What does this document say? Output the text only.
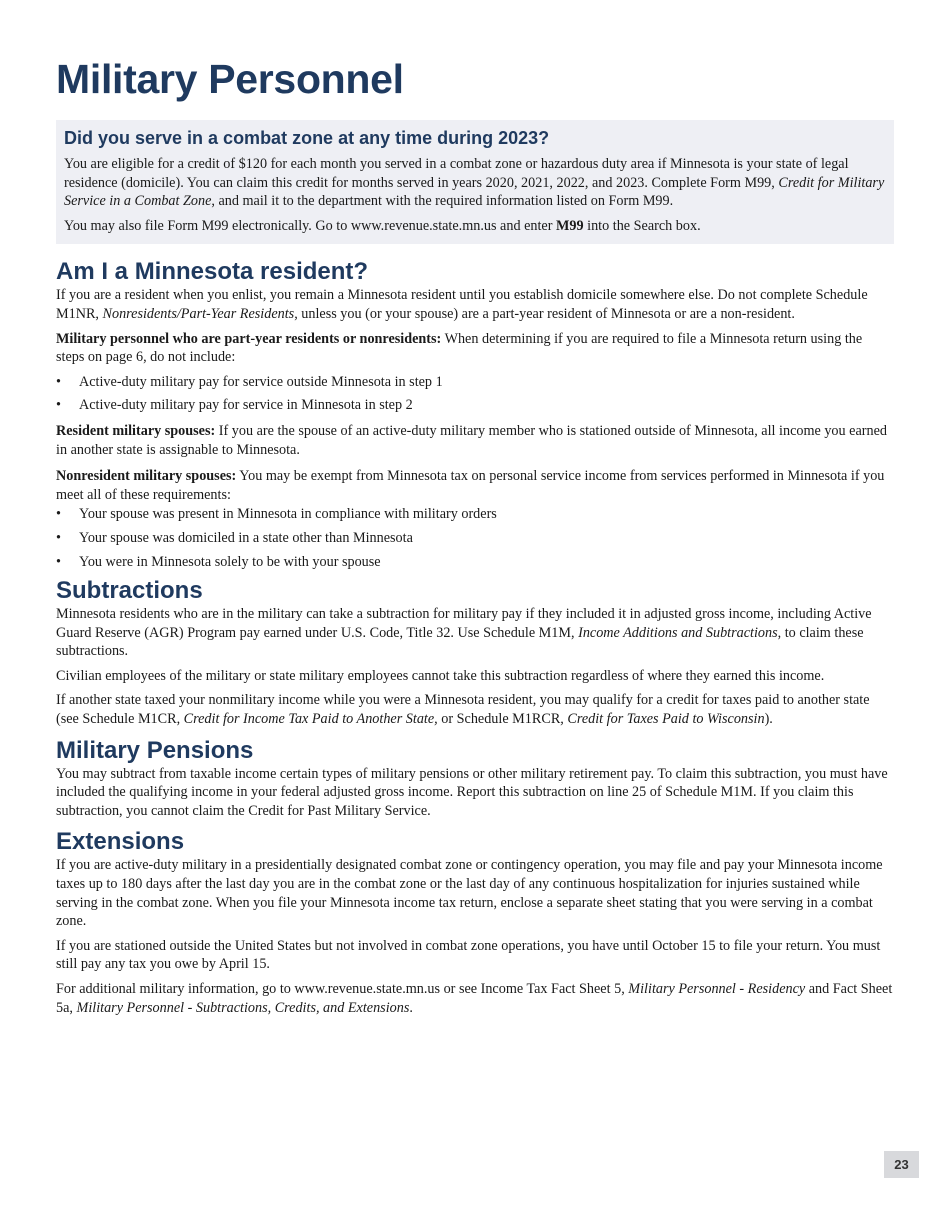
Military Personnel
Did you serve in a combat zone at any time during 2023?

You are eligible for a credit of $120 for each month you served in a combat zone or hazardous duty area if Minnesota is your state of legal residence (domicile). You can claim this credit for months served in years 2020, 2021, 2022, and 2023. Complete Form M99, Credit for Military Service in a Combat Zone, and mail it to the department with the required information listed on Form M99.

You may also file Form M99 electronically. Go to www.revenue.state.mn.us and enter M99 into the Search box.

Am I a Minnesota resident?

If you are a resident when you enlist, you remain a Minnesota resident until you establish domicile somewhere else. Do not complete Schedule M1NR, Nonresidents/Part-Year Residents, unless you (or your spouse) are a part-year resident of Minnesota or are a non-resident.

Military personnel who are part-year residents or nonresidents: When determining if you are required to file a Minnesota return using the steps on page 6, do not include:

• Active-duty military pay for service outside Minnesota in step 1
• Active-duty military pay for service in Minnesota in step 2

Resident military spouses: If you are the spouse of an active-duty military member who is stationed outside of Minnesota, all income you earned in another state is assignable to Minnesota.

Nonresident military spouses: You may be exempt from Minnesota tax on personal service income from services performed in Minnesota if you meet all of these requirements:

• Your spouse was present in Minnesota in compliance with military orders
• Your spouse was domiciled in a state other than Minnesota
• You were in Minnesota solely to be with your spouse
Subtractions

Minnesota residents who are in the military can take a subtraction for military pay if they included it in adjusted gross income, including Active Guard Reserve (AGR) Program pay earned under U.S. Code, Title 32. Use Schedule M1M, Income Additions and Subtractions, to claim these subtractions.

Civilian employees of the military or state military employees cannot take this subtraction regardless of where they earned this income.

If another state taxed your nonmilitary income while you were a Minnesota resident, you may qualify for a credit for taxes paid to another state (see Schedule M1CR, Credit for Income Tax Paid to Another State, or Schedule M1RCR, Credit for Taxes Paid to Wisconsin).

Military Pensions

You may subtract from taxable income certain types of military pensions or other military retirement pay. To claim this subtraction, you must have included the qualifying income in your federal adjusted gross income. Report this subtraction on line 25 of Schedule M1M. If you claim this subtraction, you cannot claim the Credit for Past Military Service.

Extensions

If you are active-duty military in a presidentially designated combat zone or contingency operation, you may file and pay your Minnesota income taxes up to 180 days after the last day you are in the combat zone or the last day of any continuous hospitalization for injuries sustained while serving in the combat zone. When you file your Minnesota income tax return, enclose a separate sheet stating that you were serving in a combat zone.

If you are stationed outside the United States but not involved in combat zone operations, you have until October 15 to file your return. You must still pay any tax you owe by April 15.

For additional military information, go to www.revenue.state.mn.us or see Income Tax Fact Sheet 5, Military Personnel - Residency and Fact Sheet 5a, Military Personnel - Subtractions, Credits, and Extensions.

23
